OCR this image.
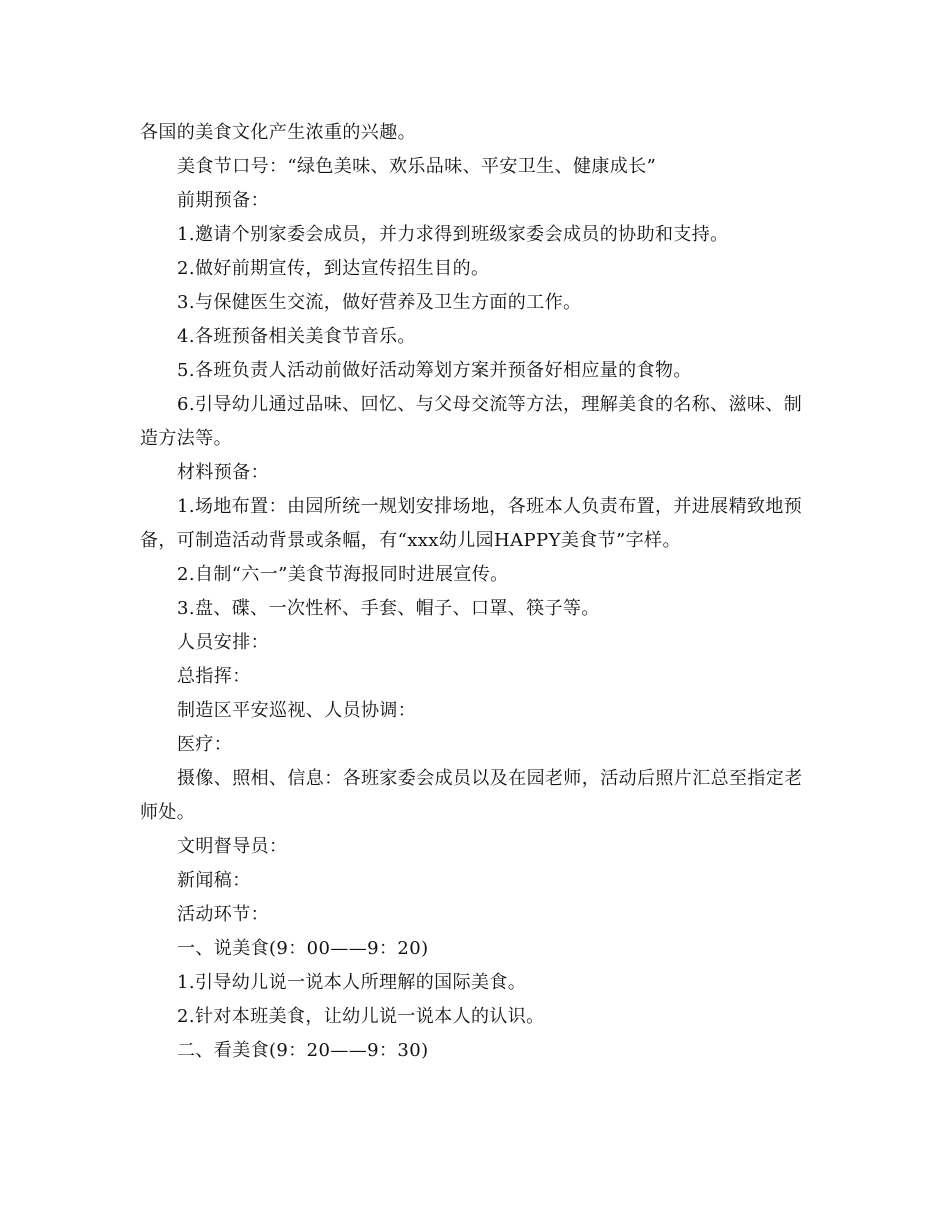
各国的美食文化产生浓重的兴趣。

美食节口号：“绿色美味、欢乐品味、平安卫生、健康成长”

前期预备：

1.邀请个别家委会成员，并力求得到班级家委会成员的协助和支持。

2.做好前期宣传，到达宣传招生目的。

3.与保健医生交流，做好营养及卫生方面的工作。

4.各班预备相关美食节音乐。

5.各班负责人活动前做好活动筹划方案并预备好相应量的食物。

6.引导幼儿通过品味、回忆、与父母交流等方法，理解美食的名称、滋味、制造方法等。

材料预备：

1.场地布置：由园所统一规划安排场地，各班本人负责布置，并进展精致地预备，可制造活动背景或条幅，有“xxx幼儿园HAPPY美食节”字样。

2.自制“六一”美食节海报同时进展宣传。

3.盘、碟、一次性杯、手套、帽子、口罩、筷子等。

人员安排：

总指挥：

制造区平安巡视、人员协调：

医疗：

摄像、照相、信息：各班家委会成员以及在园老师，活动后照片汇总至指定老师处。

文明督导员：

新闻稿：

活动环节：

一、说美食(9：00——9：20)

1.引导幼儿说一说本人所理解的国际美食。

2.针对本班美食，让幼儿说一说本人的认识。

二、看美食(9：20——9：30)
